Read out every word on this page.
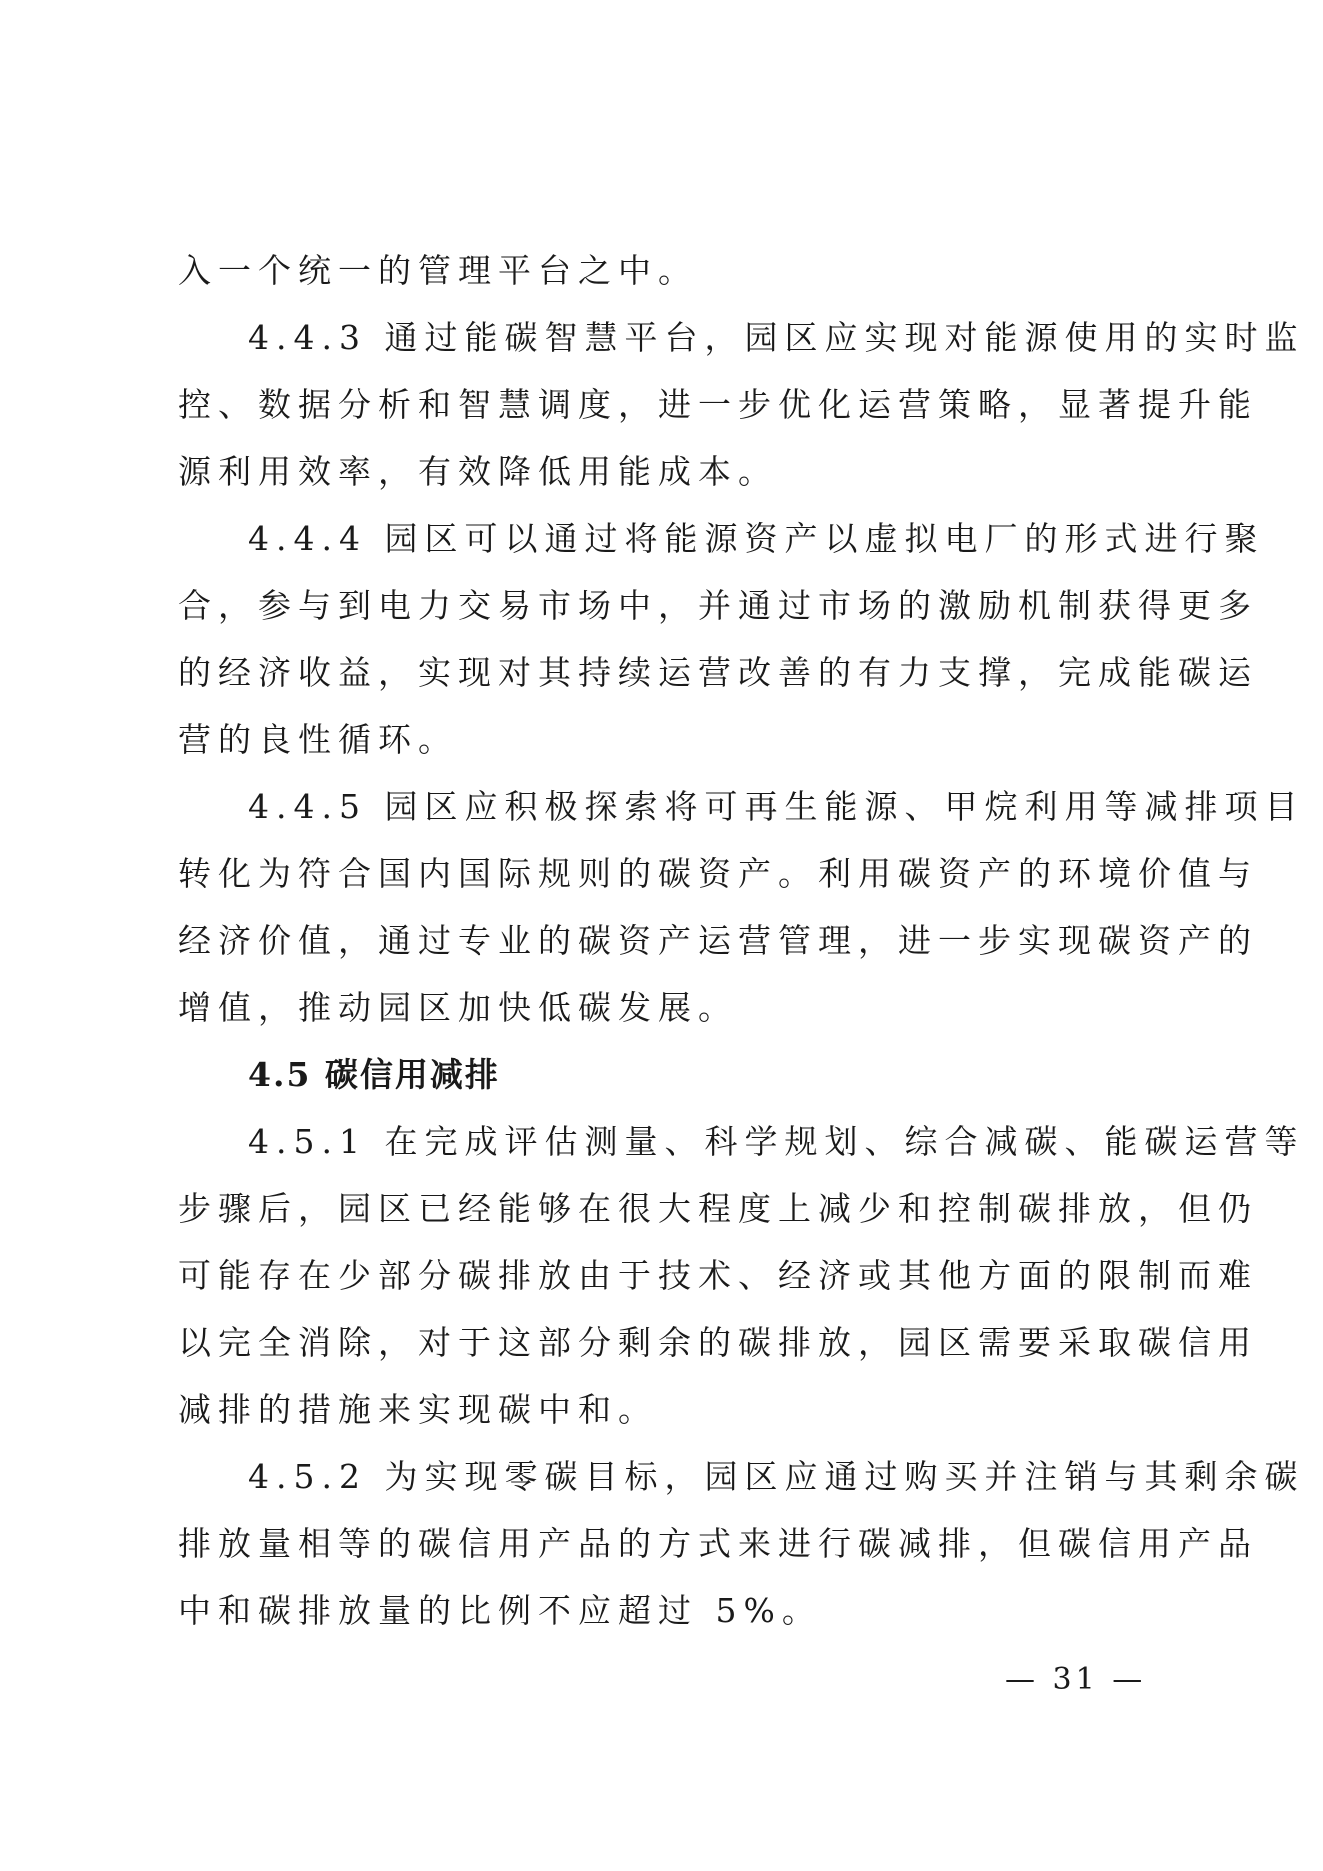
入一个统一的管理平台之中。
4.4.3 通过能碳智慧平台，园区应实现对能源使用的实时监
控、数据分析和智慧调度，进一步优化运营策略，显著提升能
源利用效率，有效降低用能成本。
4.4.4 园区可以通过将能源资产以虚拟电厂的形式进行聚
合，参与到电力交易市场中，并通过市场的激励机制获得更多
的经济收益，实现对其持续运营改善的有力支撑，完成能碳运
营的良性循环。
4.4.5 园区应积极探索将可再生能源、甲烷利用等减排项目
转化为符合国内国际规则的碳资产。利用碳资产的环境价值与
经济价值，通过专业的碳资产运营管理，进一步实现碳资产的
增值，推动园区加快低碳发展。
4.5 碳信用减排
4.5.1 在完成评估测量、科学规划、综合减碳、能碳运营等
步骤后，园区已经能够在很大程度上减少和控制碳排放，但仍
可能存在少部分碳排放由于技术、经济或其他方面的限制而难
以完全消除，对于这部分剩余的碳排放，园区需要采取碳信用
减排的措施来实现碳中和。
4.5.2 为实现零碳目标，园区应通过购买并注销与其剩余碳
排放量相等的碳信用产品的方式来进行碳减排，但碳信用产品
中和碳排放量的比例不应超过 5%。
— 31 —
